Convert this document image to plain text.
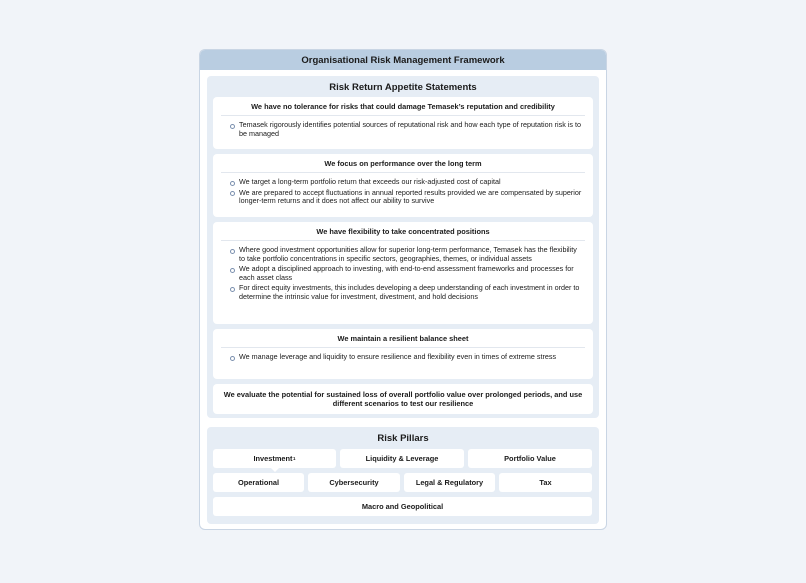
Organisational Risk Management Framework
Risk Return Appetite Statements
We have no tolerance for risks that could damage Temasek’s reputation and credibility
Temasek rigorously identifies potential sources of reputational risk and how each type of reputation risk is to be managed
We focus on performance over the long term
We target a long-term portfolio return that exceeds our risk-adjusted cost of capital
We are prepared to accept fluctuations in annual reported results provided we are compensated by superior longer-term returns and it does not affect our ability to survive
We have flexibility to take concentrated positions
Where good investment opportunities allow for superior long-term performance, Temasek has the flexibility to take portfolio concentrations in specific sectors, geographies, themes, or individual assets
We adopt a disciplined approach to investing, with end-to-end assessment frameworks and processes for each asset class
For direct equity investments, this includes developing a deep understanding of each investment in order to determine the intrinsic value for investment, divestment, and hold decisions
We maintain a resilient balance sheet
We manage leverage and liquidity to ensure resilience and flexibility even in times of extreme stress
We evaluate the potential for sustained loss of overall portfolio value over prolonged periods, and use different scenarios to test our resilience
Risk Pillars
Investment 1	Liquidity & Leverage	Portfolio Value
Operational	Cybersecurity	Legal & Regulatory	Tax
Macro and Geopolitical
